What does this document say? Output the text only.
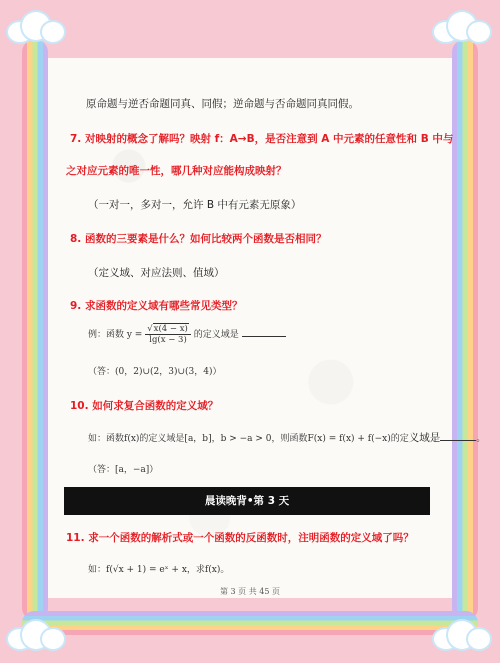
原命题与逆否命题同真、同假；逆命题与否命题同真同假。
7. 对映射的概念了解吗？映射 f：A→B，是否注意到 A 中元素的任意性和 B 中与
之对应元素的唯一性，哪几种对应能构成映射？
（一对一，多对一，允许 B 中有元素无原象）
8. 函数的三要素是什么？如何比较两个函数是否相同？
（定义域、对应法则、值域）
9. 求函数的定义域有哪些常见类型？
例：函数 $y = \frac{√x(4 - x)}{\lg(x - 3)}$ 的定义域是
（答：(0，2)∪(2，3)∪(3，4)）
10. 如何求复合函数的定义域？
如：函数f(x)的定义域是[a，b]，b > −a > 0，则函数F(x) = f(x) + f(−x)的定义域是	。
（答：[a，−a]）
晨读晚背•第 3 天
11. 求一个函数的解析式或一个函数的反函数时，注明函数的定义域了吗？
如：f(√x + 1) = eˣ + x，求f(x)。
第 3 页 共 45 页
